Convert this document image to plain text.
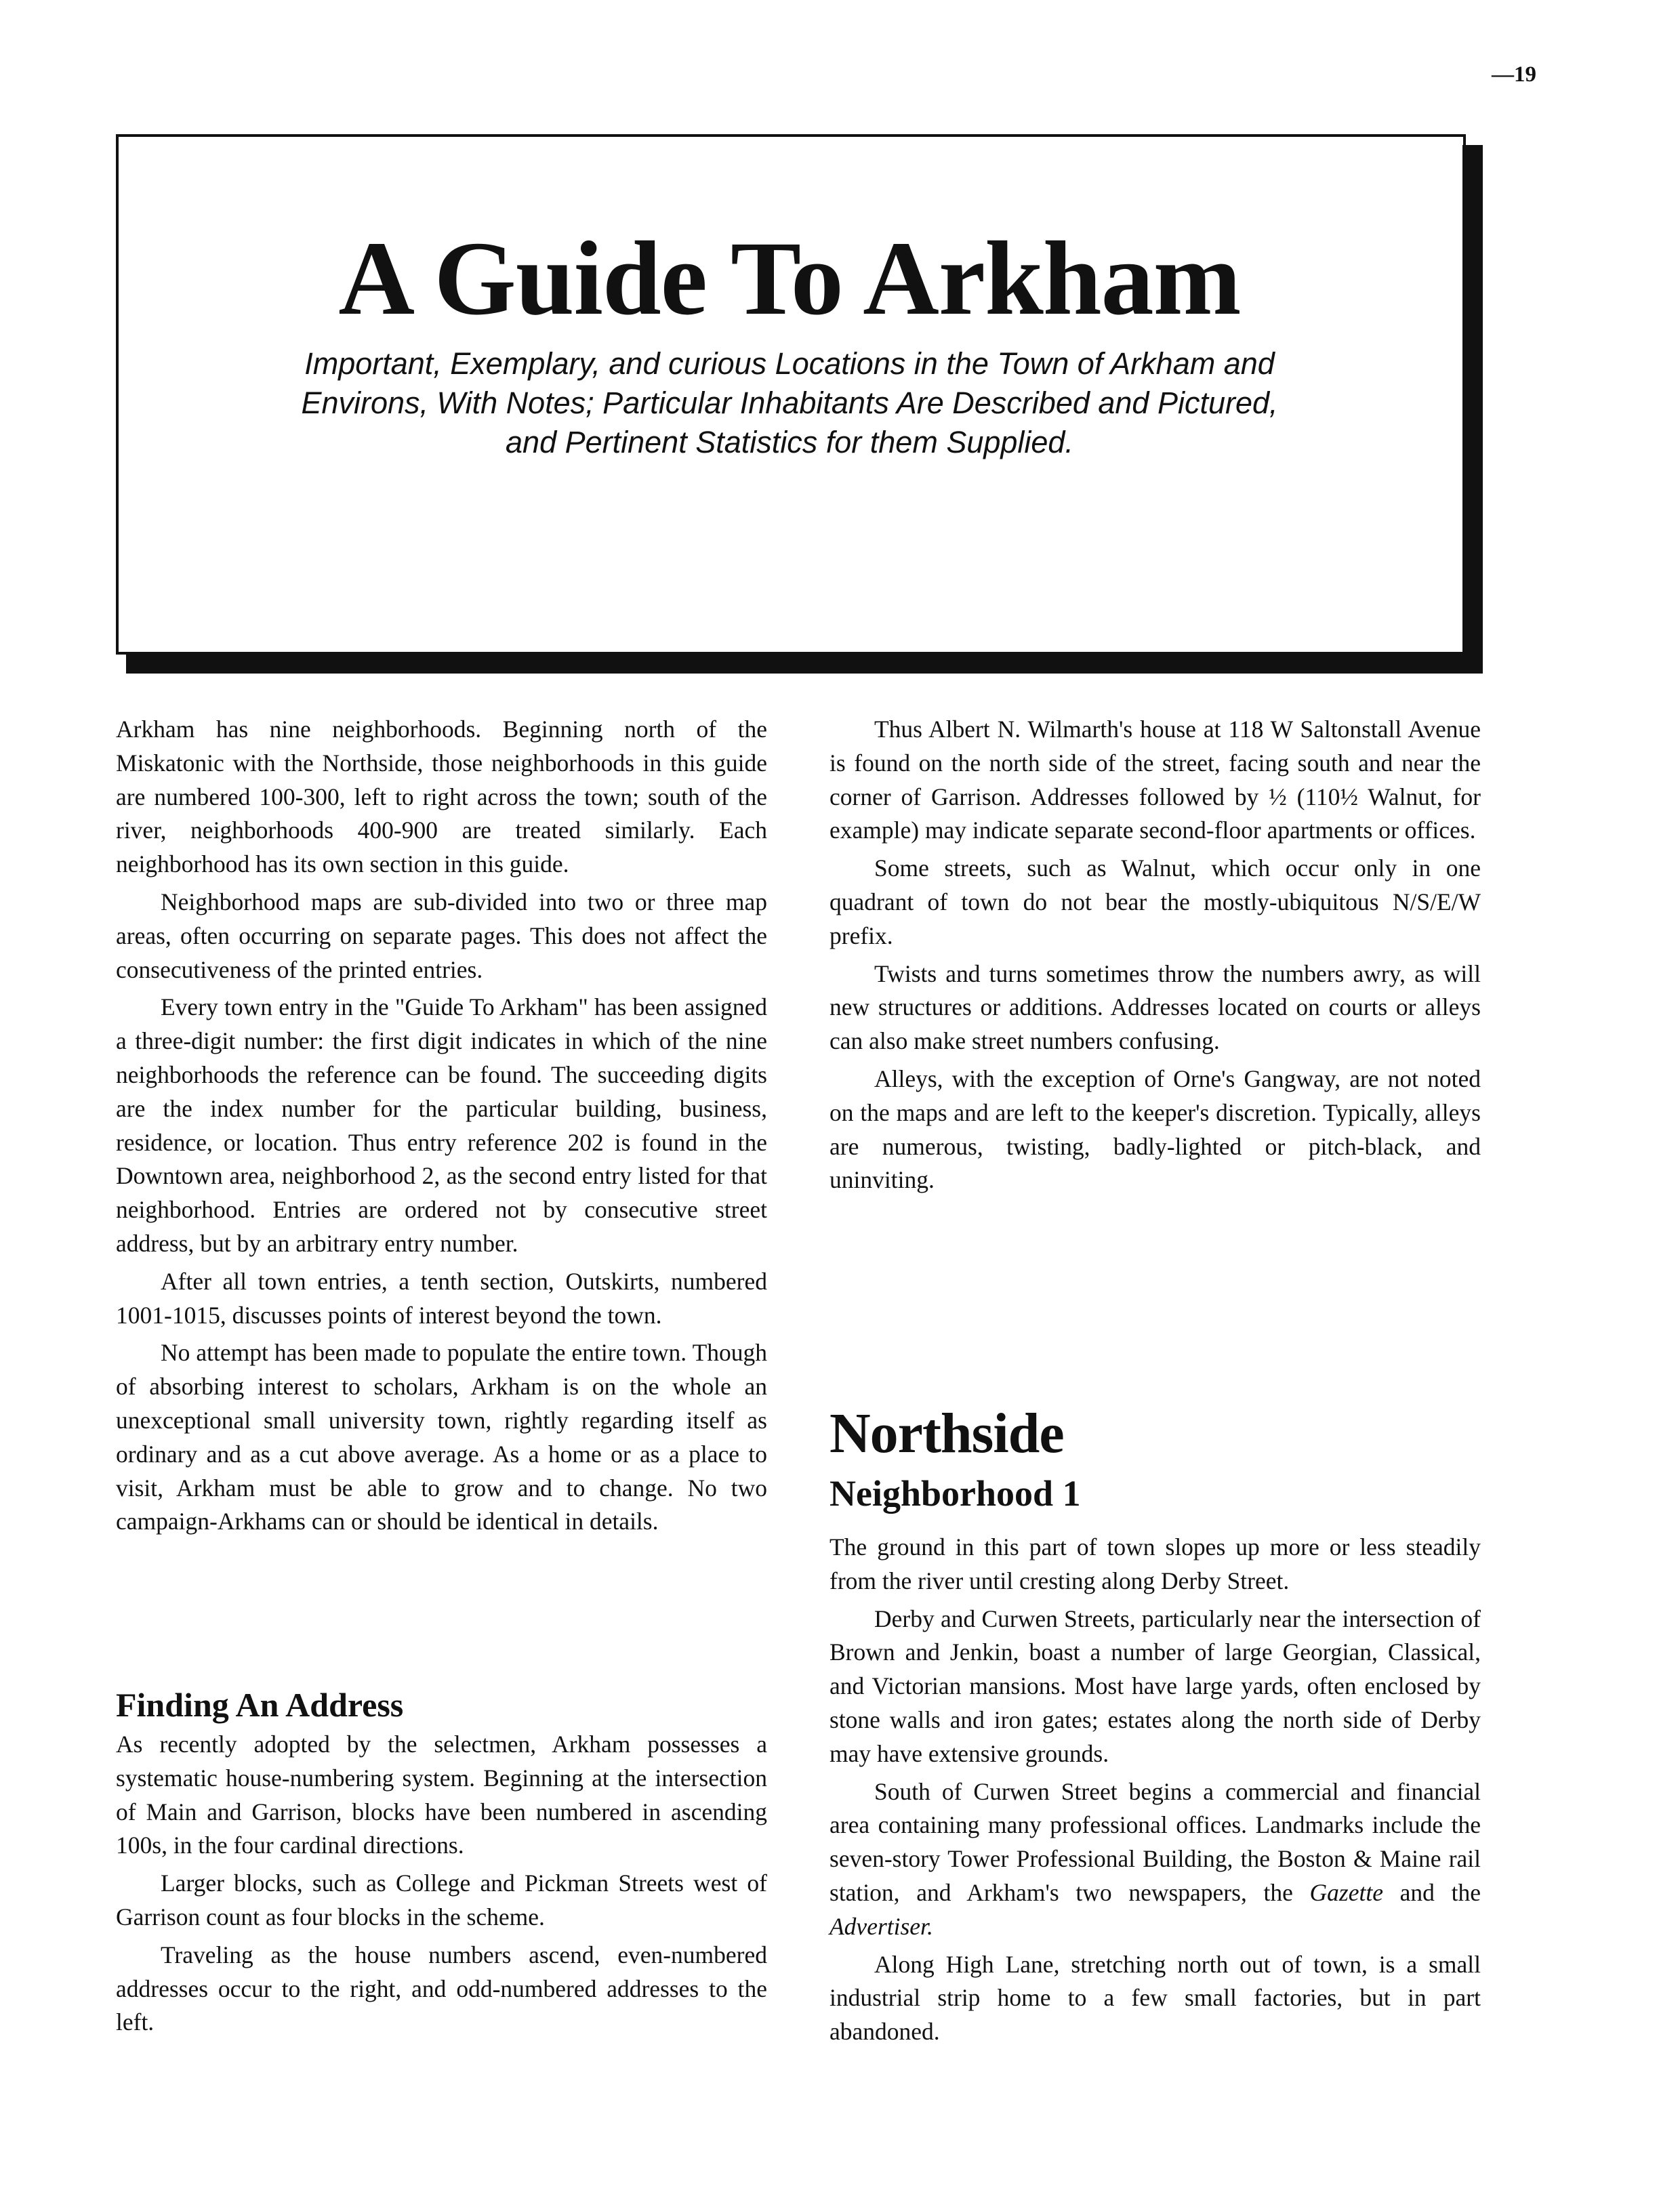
—19
A Guide To Arkham
Important, Exemplary, and curious Locations in the Town of Arkham and
Environs, With Notes; Particular Inhabitants Are Described and Pictured,
and Pertinent Statistics for them Supplied.

Arkham has nine neighborhoods. Beginning north of the Miskatonic with the Northside, those neighborhoods in this guide are numbered 100-300, left to right across the town; south of the river, neighborhoods 400-900 are treated similarly. Each neighborhood has its own section in this guide.

Neighborhood maps are sub-divided into two or three map areas, often occurring on separate pages. This does not affect the consecutiveness of the printed entries.

Every town entry in the "Guide To Arkham" has been assigned a three-digit number: the first digit indicates in which of the nine neighborhoods the reference can be found. The succeeding digits are the index number for the particular building, business, residence, or location. Thus entry reference 202 is found in the Downtown area, neighborhood 2, as the second entry listed for that neighborhood. Entries are ordered not by consecutive street address, but by an arbitrary entry number.

After all town entries, a tenth section, Outskirts, numbered 1001-1015, discusses points of interest beyond the town.

No attempt has been made to populate the entire town. Though of absorbing interest to scholars, Arkham is on the whole an unexceptional small university town, rightly regarding itself as ordinary and as a cut above average. As a home or as a place to visit, Arkham must be able to grow and to change. No two campaign-Arkhams can or should be identical in details.

Finding An Address

As recently adopted by the selectmen, Arkham possesses a systematic house-numbering system. Beginning at the intersection of Main and Garrison, blocks have been numbered in ascending 100s, in the four cardinal directions.

Larger blocks, such as College and Pickman Streets west of Garrison count as four blocks in the scheme.

Traveling as the house numbers ascend, even-numbered addresses occur to the right, and odd-numbered addresses to the left.

Thus Albert N. Wilmarth's house at 118 W Saltonstall Avenue is found on the north side of the street, facing south and near the corner of Garrison. Addresses followed by ½ (110½ Walnut, for example) may indicate separate second-floor apartments or offices.

Some streets, such as Walnut, which occur only in one quadrant of town do not bear the mostly-ubiquitous N/S/E/W prefix.

Twists and turns sometimes throw the numbers awry, as will new structures or additions. Addresses located on courts or alleys can also make street numbers confusing.

Alleys, with the exception of Orne's Gangway, are not noted on the maps and are left to the keeper's discretion. Typically, alleys are numerous, twisting, badly-lighted or pitch-black, and uninviting.

Northside
Neighborhood 1

The ground in this part of town slopes up more or less steadily from the river until cresting along Derby Street.

Derby and Curwen Streets, particularly near the intersection of Brown and Jenkin, boast a number of large Georgian, Classical, and Victorian mansions. Most have large yards, often enclosed by stone walls and iron gates; estates along the north side of Derby may have extensive grounds.

South of Curwen Street begins a commercial and financial area containing many professional offices. Landmarks include the seven-story Tower Professional Building, the Boston & Maine rail station, and Arkham's two newspapers, the Gazette and the Advertiser.

Along High Lane, stretching north out of town, is a small industrial strip home to a few small factories, but in part abandoned.
